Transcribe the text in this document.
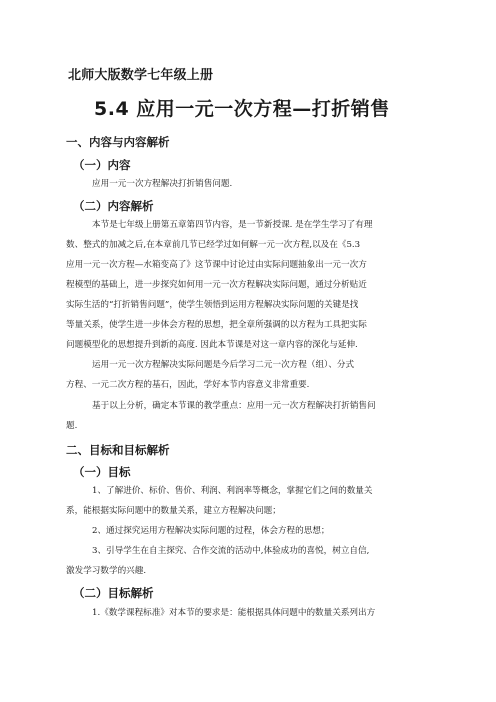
北师大版数学七年级上册
5.4 应用一元一次方程—打折销售
一、内容与内容解析
（一）内容
应用一元一次方程解决打折销售问题.
（二）内容解析
本节是七年级上册第五章第四节内容，是一节新授课. 是在学生学习了有理
数、整式的加减之后,在本章前几节已经学过如何解一元一次方程,以及在《5.3
应用一元一次方程—水箱变高了》这节课中讨论过由实际问题抽象出一元一次方
程模型的基础上，进一步探究如何用一元一次方程解决实际问题，通过分析贴近
实际生活的“打折销售问题”，使学生领悟到运用方程解决实际问题的关键是找
等量关系，使学生进一步体会方程的思想，把全章所强调的以方程为工具把实际
问题模型化的思想提升到新的高度. 因此本节课是对这一章内容的深化与延伸.
运用一元一次方程解决实际问题是今后学习二元一次方程（组）、分式
方程、一元二次方程的基石，因此，学好本节内容意义非常重要.
基于以上分析，确定本节课的教学重点：应用一元一次方程解决打折销售问
题.
二、目标和目标解析
（一）目标
1、了解进价、标价、售价、利润、利润率等概念，掌握它们之间的数量关
系，能根据实际问题中的数量关系，建立方程解决问题；
2、通过探究运用方程解决实际问题的过程，体会方程的思想；
3、引导学生在自主探究、合作交流的活动中,体验成功的喜悦，树立自信,
激发学习数学的兴趣.
（二）目标解析
1.《数学课程标准》对本节的要求是：能根据具体问题中的数量关系列出方
